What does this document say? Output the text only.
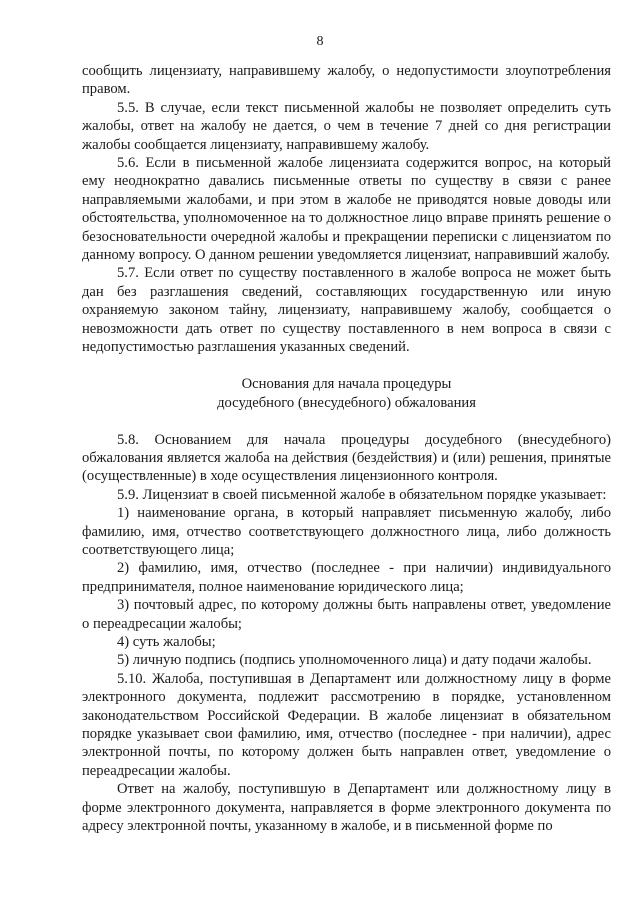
8

сообщить лицензиату, направившему жалобу, о недопустимости злоупотребления правом.

5.5. В случае, если текст письменной жалобы не позволяет определить суть жалобы, ответ на жалобу не дается, о чем в течение 7 дней со дня регистрации жалобы сообщается лицензиату, направившему жалобу.

5.6. Если в письменной жалобе лицензиата содержится вопрос, на который ему неоднократно давались письменные ответы по существу в связи с ранее направляемыми жалобами, и при этом в жалобе не приводятся новые доводы или обстоятельства, уполномоченное на то должностное лицо вправе принять решение о безосновательности очередной жалобы и прекращении переписки с лицензиатом по данному вопросу. О данном решении уведомляется лицензиат, направивший жалобу.

5.7. Если ответ по существу поставленного в жалобе вопроса не может быть дан без разглашения сведений, составляющих государственную или иную охраняемую законом тайну, лицензиату, направившему жалобу, сообщается о невозможности дать ответ по существу поставленного в нем вопроса в связи с недопустимостью разглашения указанных сведений.

Основания для начала процедуры
досудебного (внесудебного) обжалования

5.8. Основанием для начала процедуры досудебного (внесудебного) обжалования является жалоба на действия (бездействия) и (или) решения, принятые (осуществленные) в ходе осуществления лицензионного контроля.

5.9. Лицензиат в своей письменной жалобе в обязательном порядке указывает:

1) наименование органа, в который направляет письменную жалобу, либо фамилию, имя, отчество соответствующего должностного лица, либо должность соответствующего лица;

2) фамилию, имя, отчество (последнее - при наличии) индивидуального предпринимателя, полное наименование юридического лица;

3) почтовый адрес, по которому должны быть направлены ответ, уведомление о переадресации жалобы;

4) суть жалобы;

5) личную подпись (подпись уполномоченного лица) и дату подачи жалобы.

5.10. Жалоба, поступившая в Департамент или должностному лицу в форме электронного документа, подлежит рассмотрению в порядке, установленном законодательством Российской Федерации. В жалобе лицензиат в обязательном порядке указывает свои фамилию, имя, отчество (последнее - при наличии), адрес электронной почты, по которому должен быть направлен ответ, уведомление о переадресации жалобы.

Ответ на жалобу, поступившую в Департамент или должностному лицу в форме электронного документа, направляется в форме электронного документа по адресу электронной почты, указанному в жалобе, и в письменной форме по
